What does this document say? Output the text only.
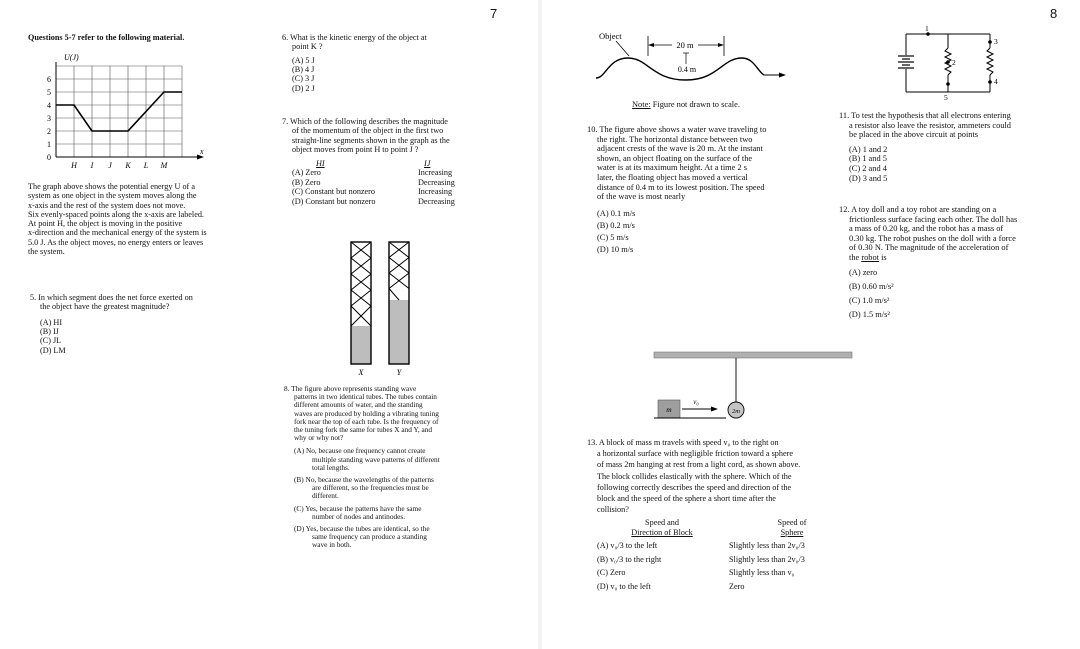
7
Questions 5-7 refer to the following material.
U(J)
x
0
1
2
3
4
5
6
H I J K L M
The graph above shows the potential energy U of a
system as one object in the system moves along the
x-axis and the rest of the system does not move.
Six evenly-spaced points along the x-axis are labeled.
At point H, the object is moving in the positive
x-direction and the mechanical energy of the system is
5.0 J. As the object moves, no energy enters or leaves
the system.
5. In which segment does the net force exerted on
the object have the greatest magnitude?
(A) HI
(B) IJ
(C) JL
(D) LM
6. What is the kinetic energy of the object at
point K ?
(A) 5 J
(B) 4 J
(C) 3 J
(D) 2 J
7. Which of the following describes the magnitude
of the momentum of the object in the first two
straight-line segments shown in the graph as the
object moves from point H to point J ?
HI	IJ
(A) Zero	Increasing
(B) Zero	Decreasing
(C) Constant but nonzero	Increasing
(D) Constant but nonzero	Decreasing
X	Y
8. The figure above represents standing wave
patterns in two identical tubes. The tubes contain
different amounts of water, and the standing
waves are produced by holding a vibrating tuning
fork near the top of each tube. Is the frequency of
the tuning fork the same for tubes X and Y, and
why or why not?
(A) No, because one frequency cannot create
multiple standing wave patterns of different
total lengths.
(B) No, because the wavelengths of the patterns
are different, so the frequencies must be
different.
(C) Yes, because the patterns have the same
number of nodes and antinodes.
(D) Yes, because the tubes are identical, so the
same frequency can produce a standing
wave in both.
8
Object
20 m
0.4 m
Note: Figure not drawn to scale.
10. The figure above shows a water wave traveling to
the right. The horizontal distance between two
adjacent crests of the wave is 20 m. At the instant
shown, an object floating on the surface of the
water is at its maximum height. At a time 2 s
later, the floating object has moved a vertical
distance of 0.4 m to its lowest position. The speed
of the wave is most nearly
(A) 0.1 m/s
(B) 0.2 m/s
(C) 5 m/s
(D) 10 m/s
1
2
3
4
5
11. To test the hypothesis that all electrons entering
a resistor also leave the resistor, ammeters could
be placed in the above circuit at points
(A) 1 and 2
(B) 1 and 5
(C) 2 and 4
(D) 3 and 5
12. A toy doll and a toy robot are standing on a
frictionless surface facing each other. The doll has
a mass of 0.20 kg, and the robot has a mass of
0.30 kg. The robot pushes on the doll with a force
of 0.30 N. The magnitude of the acceleration of
the robot is
(A) zero
(B) 0.60 m/s²
(C) 1.0 m/s²
(D) 1.5 m/s²
2m
m
v₀
13. A block of mass m travels with speed v₀ to the right on
a horizontal surface with negligible friction toward a sphere
of mass 2m hanging at rest from a light cord, as shown above.
The block collides elastically with the sphere. Which of the
following correctly describes the speed and direction of the
block and the speed of the sphere a short time after the
collision?
Speed and
Direction of Block
Speed of
Sphere
(A) v₀/3 to the left	Slightly less than 2v₀/3
(B) v₀/3 to the right	Slightly less than 2v₀/3
(C) Zero	Slightly less than v₀
(D) v₀ to the left	Zero
